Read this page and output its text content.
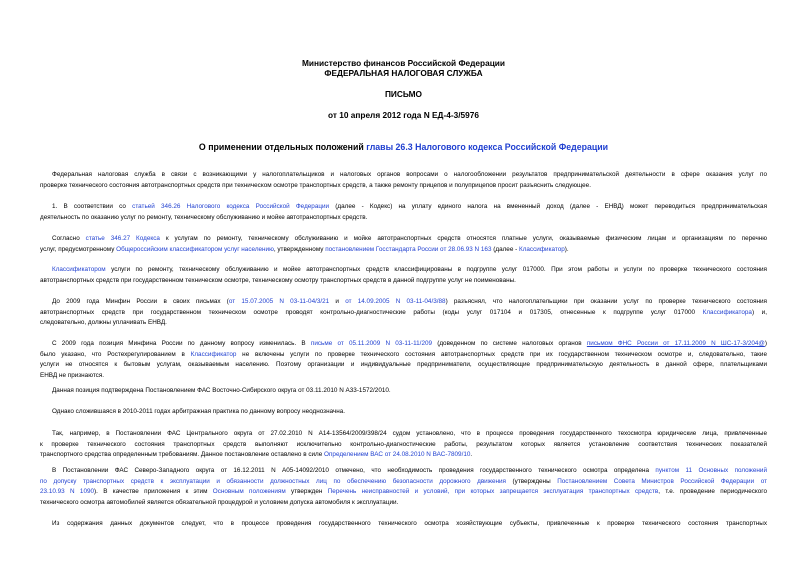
Министерство финансов Российской Федерации
ФЕДЕРАЛЬНАЯ НАЛОГОВАЯ СЛУЖБА
ПИСЬМО
от 10 апреля 2012 года N ЕД-4-3/5976
О применении отдельных положений главы 26.3 Налогового кодекса Российской Федерации
Федеральная налоговая служба в связи с возникающими у налогоплательщиков и налоговых органов вопросами о налогообложении результатов предпринимательской деятельности в сфере оказания услуг по
проверке технического состояния автотранспортных средств при техническом осмотре транспортных средств, а также ремонту прицепов и полуприцепов просит разъяснить следующее.
1. В соответствии со статьей 346.26 Налогового кодекса Российской Федерации (далее - Кодекс) на уплату единого налога на вмененный доход (далее - ЕНВД) может переводиться предпринимательская
деятельность по оказанию услуг по ремонту, техническому обслуживанию и мойке автотранспортных средств.
Согласно статье 346.27 Кодекса к услугам по ремонту, техническому обслуживанию и мойке автотранспортных средств относятся платные услуги, оказываемые физическим лицам и организациям по перечню
услуг, предусмотренному Общероссийским классификатором услуг населению, утвержденному постановлением Госстандарта России от 28.06.93 N 163 (далее - Классификатор).
Классификатором услуги по ремонту, техническому обслуживанию и мойке автотранспортных средств классифицированы в подгруппе услуг 017000. При этом работы и услуги по проверке технического состояния
автотранспортных средств при государственном техническом осмотре, техническому осмотру транспортных средств в данной подгруппе услуг не поименованы.
До 2009 года Минфин России в своих письмах (от 15.07.2005 N 03-11-04/3/21 и от 14.09.2005 N 03-11-04/3/88) разъяснял, что налогоплательщики при оказании услуг по проверке технического состояния
автотранспортных средств при государственном техническом осмотре проводят контрольно-диагностические работы (коды услуг 017104 и 017305, отнесенные к подгруппе услуг 017000 Классификатора) и,
следовательно, должны уплачивать ЕНВД.
С 2009 года позиция Минфина России по данному вопросу изменилась. В письме от 05.11.2009 N 03-11-11/209 (доведенном по системе налоговых органов письмом ФНС России от 17.11.2009 N ШС-17-3/204@)
было указано, что Ростехрегулированием в Классификатор не включены услуги по проверке технического состояния автотранспортных средств при их государственном техническом осмотре и, следовательно, такие
услуги не относятся к бытовым услугам, оказываемым населению. Поэтому организации и индивидуальные предприниматели, осуществляющие предпринимательскую деятельность в данной сфере, плательщиками
ЕНВД не признаются.
Данная позиция подтверждена Постановлением ФАС Восточно-Сибирского округа от 03.11.2010 N А33-1572/2010.
Однако сложившаяся в 2010-2011 годах арбитражная практика по данному вопросу неоднозначна.
Так, например, в Постановлении ФАС Центрального округа от 27.02.2010 N А14-13564/2009/398/24 судом установлено, что в процессе проведения государственного техосмотра юридические лица, привлеченные
к проверке технического состояния транспортных средств выполняют исключительно контрольно-диагностические работы, результатом которых является установление соответствия технических показателей
транспортного средства определенным требованиям. Данное постановление оставлено в силе Определением ВАС от 24.08.2010 N ВАС-7809/10.
В Постановлении ФАС Северо-Западного округа от 16.12.2011 N А05-14092/2010 отмечено, что необходимость проведения государственного технического осмотра определена пунктом 11 Основных положений
по допуску транспортных средств к эксплуатации и обязанности должностных лиц по обеспечению безопасности дорожного движения (утверждены Постановлением Совета Министров Российской Федерации от
23.10.93 N 1090). В качестве приложения к этим Основным положениям утвержден Перечень неисправностей и условий, при которых запрещается эксплуатация транспортных средств, т.е. проведение периодического
технического осмотра автомобилей является обязательной процедурой и условием допуска автомобиля к эксплуатации.
Из содержания данных документов следует, что в процессе проведения государственного технического осмотра хозяйствующие субъекты, привлеченные к проверке технического состояния транспортных
